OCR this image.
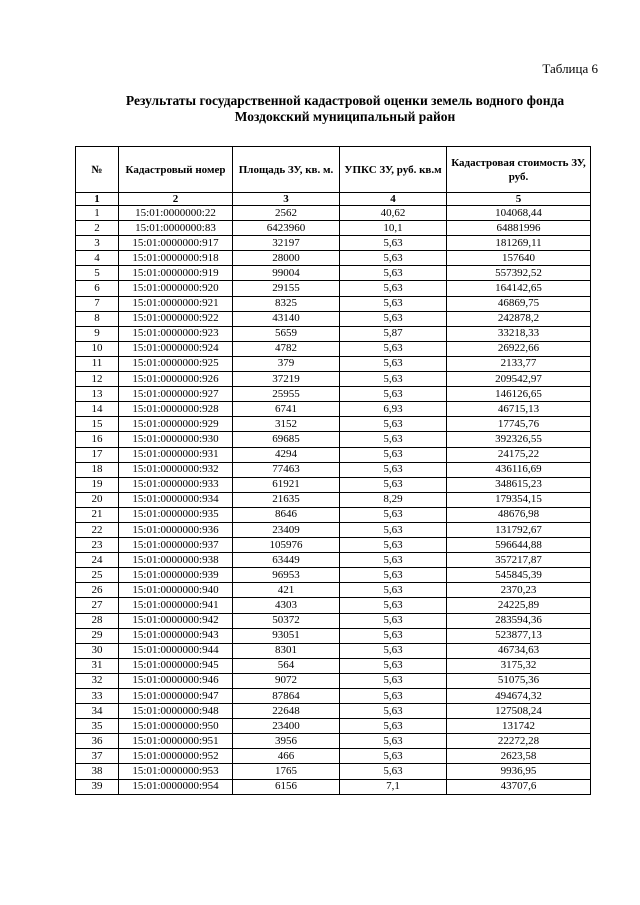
Таблица 6
Результаты государственной кадастровой оценки земель водного фонда
Моздокский муниципальный район
№	Кадастровый номер	Площадь ЗУ, кв. м.	УПКС ЗУ, руб. кв.м	Кадастровая стоимость ЗУ, руб.
1	2	3	4	5
1	15:01:0000000:22	2562	40,62	104068,44
2	15:01:0000000:83	6423960	10,1	64881996
3	15:01:0000000:917	32197	5,63	181269,11
4	15:01:0000000:918	28000	5,63	157640
5	15:01:0000000:919	99004	5,63	557392,52
6	15:01:0000000:920	29155	5,63	164142,65
7	15:01:0000000:921	8325	5,63	46869,75
8	15:01:0000000:922	43140	5,63	242878,2
9	15:01:0000000:923	5659	5,87	33218,33
10	15:01:0000000:924	4782	5,63	26922,66
11	15:01:0000000:925	379	5,63	2133,77
12	15:01:0000000:926	37219	5,63	209542,97
13	15:01:0000000:927	25955	5,63	146126,65
14	15:01:0000000:928	6741	6,93	46715,13
15	15:01:0000000:929	3152	5,63	17745,76
16	15:01:0000000:930	69685	5,63	392326,55
17	15:01:0000000:931	4294	5,63	24175,22
18	15:01:0000000:932	77463	5,63	436116,69
19	15:01:0000000:933	61921	5,63	348615,23
20	15:01:0000000:934	21635	8,29	179354,15
21	15:01:0000000:935	8646	5,63	48676,98
22	15:01:0000000:936	23409	5,63	131792,67
23	15:01:0000000:937	105976	5,63	596644,88
24	15:01:0000000:938	63449	5,63	357217,87
25	15:01:0000000:939	96953	5,63	545845,39
26	15:01:0000000:940	421	5,63	2370,23
27	15:01:0000000:941	4303	5,63	24225,89
28	15:01:0000000:942	50372	5,63	283594,36
29	15:01:0000000:943	93051	5,63	523877,13
30	15:01:0000000:944	8301	5,63	46734,63
31	15:01:0000000:945	564	5,63	3175,32
32	15:01:0000000:946	9072	5,63	51075,36
33	15:01:0000000:947	87864	5,63	494674,32
34	15:01:0000000:948	22648	5,63	127508,24
35	15:01:0000000:950	23400	5,63	131742
36	15:01:0000000:951	3956	5,63	22272,28
37	15:01:0000000:952	466	5,63	2623,58
38	15:01:0000000:953	1765	5,63	9936,95
39	15:01:0000000:954	6156	7,1	43707,6
